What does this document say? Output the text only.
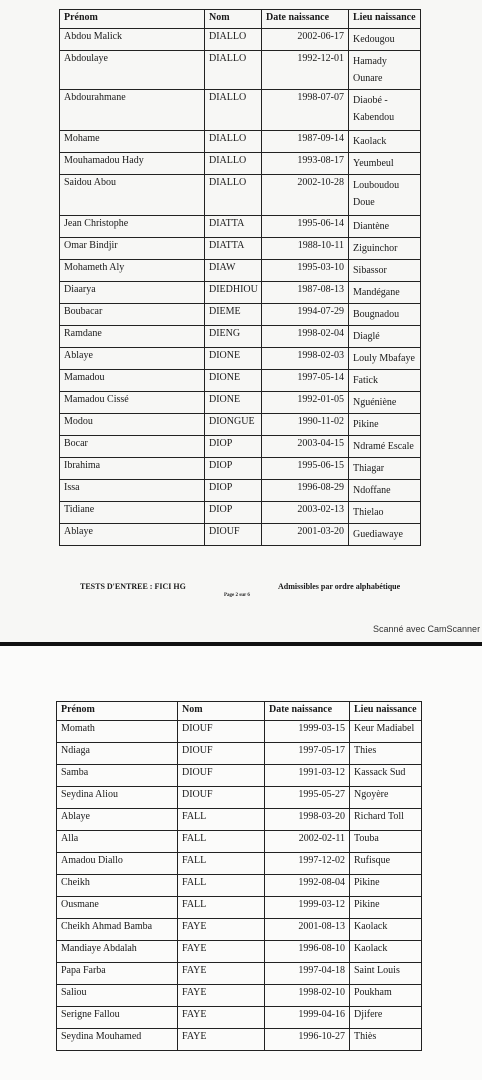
Prénom	Nom	Date naissance	Lieu naissance
Abdou Malick	DIALLO	2002-06-17	Kedougou
Abdoulaye	DIALLO	1992-12-01	Hamady Ounare
Abdourahmane	DIALLO	1998-07-07	Diaobé - Kabendou
Mohame	DIALLO	1987-09-14	Kaolack
Mouhamadou Hady	DIALLO	1993-08-17	Yeumbeul
Saidou Abou	DIALLO	2002-10-28	Louboudou Doue
Jean Christophe	DIATTA	1995-06-14	Diantène
Omar Bindjir	DIATTA	1988-10-11	Ziguinchor
Mohameth Aly	DIAW	1995-03-10	Sibassor
Diaarya	DIEDHIOU	1987-08-13	Mandégane
Boubacar	DIEME	1994-07-29	Bougnadou
Ramdane	DIENG	1998-02-04	Diaglé
Ablaye	DIONE	1998-02-03	Louly Mbafaye
Mamadou	DIONE	1997-05-14	Fatick
Mamadou Cissé	DIONE	1992-01-05	Nguéniène
Modou	DIONGUE	1990-11-02	Pikine
Bocar	DIOP	2003-04-15	Ndramé Escale
Ibrahima	DIOP	1995-06-15	Thiagar
Issa	DIOP	1996-08-29	Ndoffane
Tidiane	DIOP	2003-02-13	Thielao
Ablaye	DIOUF	2001-03-20	Guediawaye
TESTS D'ENTREE : FICI HG	Admissibles par ordre alphabétique
Page 2 sur 6
Scanné avec CamScanner
Prénom	Nom	Date naissance	Lieu naissance
Momath	DIOUF	1999-03-15	Keur Madiabel
Ndiaga	DIOUF	1997-05-17	Thies
Samba	DIOUF	1991-03-12	Kassack Sud
Seydina Aliou	DIOUF	1995-05-27	Ngoyère
Ablaye	FALL	1998-03-20	Richard Toll
Alla	FALL	2002-02-11	Touba
Amadou Diallo	FALL	1997-12-02	Rufisque
Cheikh	FALL	1992-08-04	Pikine
Ousmane	FALL	1999-03-12	Pikine
Cheikh Ahmad Bamba	FAYE	2001-08-13	Kaolack
Mandiaye Abdalah	FAYE	1996-08-10	Kaolack
Papa Farba	FAYE	1997-04-18	Saint Louis
Saliou	FAYE	1998-02-10	Poukham
Serigne Fallou	FAYE	1999-04-16	Djifere
Seydina Mouhamed	FAYE	1996-10-27	Thiès
